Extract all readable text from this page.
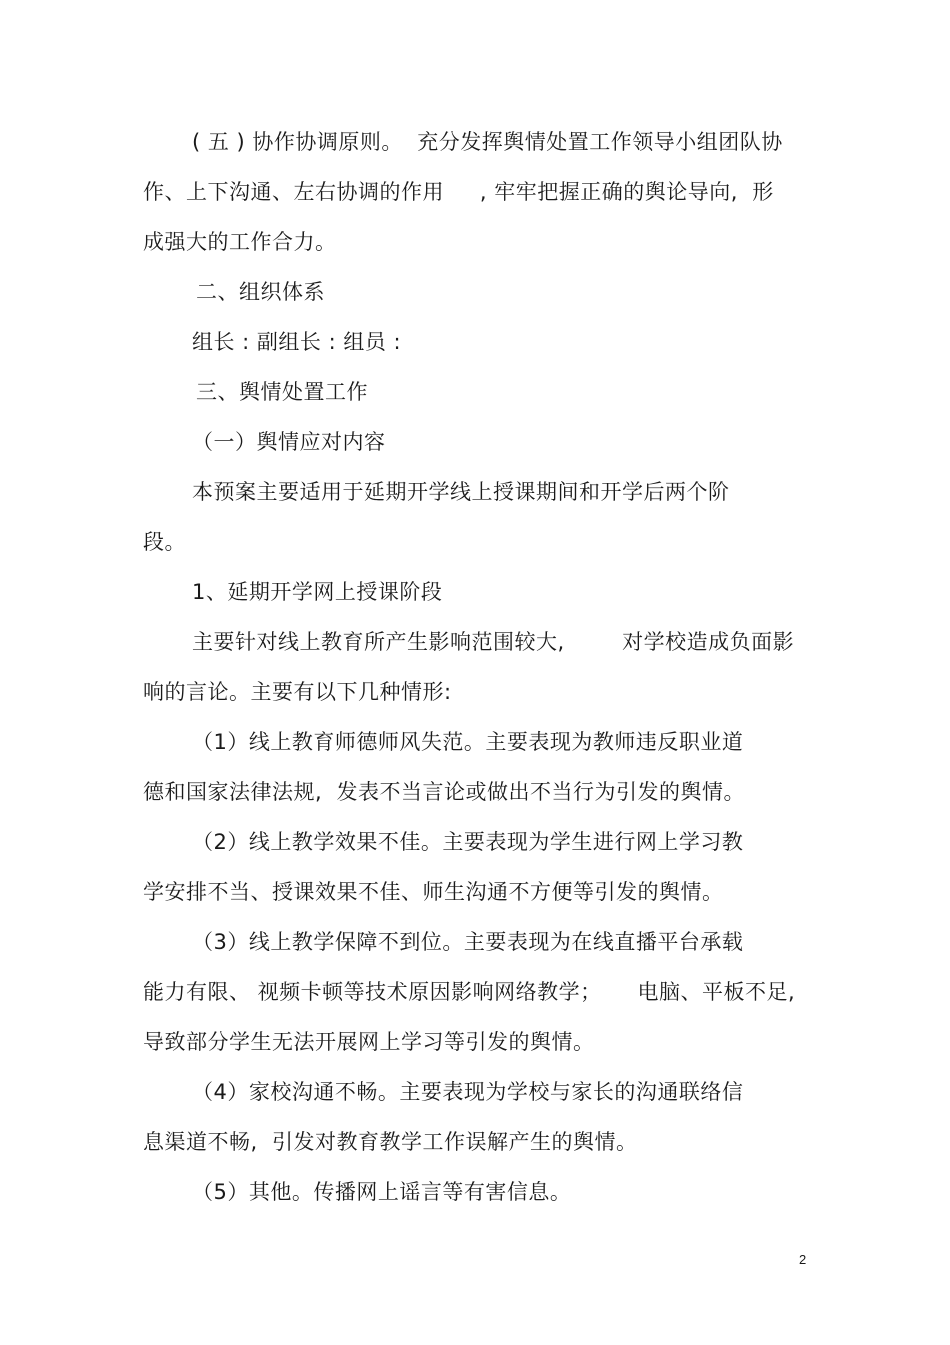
( 五 ) 协作协调原则。  充分发挥舆情处置工作领导小组团队协
作、上下沟通、左右协调的作用     , 牢牢把握正确的舆论导向,  形
成强大的工作合力。
二、组织体系
组长 : 副组长 : 组员 :
三、舆情处置工作
（一）舆情应对内容
本预案主要适用于延期开学线上授课期间和开学后两个阶
段。
1、延期开学网上授课阶段
主要针对线上教育所产生影响范围较大,        对学校造成负面影
响的言论。主要有以下几种情形:
（1）线上教育师德师风失范。主要表现为教师违反职业道
德和国家法律法规,  发表不当言论或做出不当行为引发的舆情。
（2）线上教学效果不佳。主要表现为学生进行网上学习教
学安排不当、授课效果不佳、师生沟通不方便等引发的舆情。
（3）线上教学保障不到位。主要表现为在线直播平台承载
能力有限、 视频卡顿等技术原因影响网络教学；     电脑、平板不足,
导致部分学生无法开展网上学习等引发的舆情。
（4）家校沟通不畅。主要表现为学校与家长的沟通联络信
息渠道不畅,  引发对教育教学工作误解产生的舆情。
（5）其他。传播网上谣言等有害信息。
2
